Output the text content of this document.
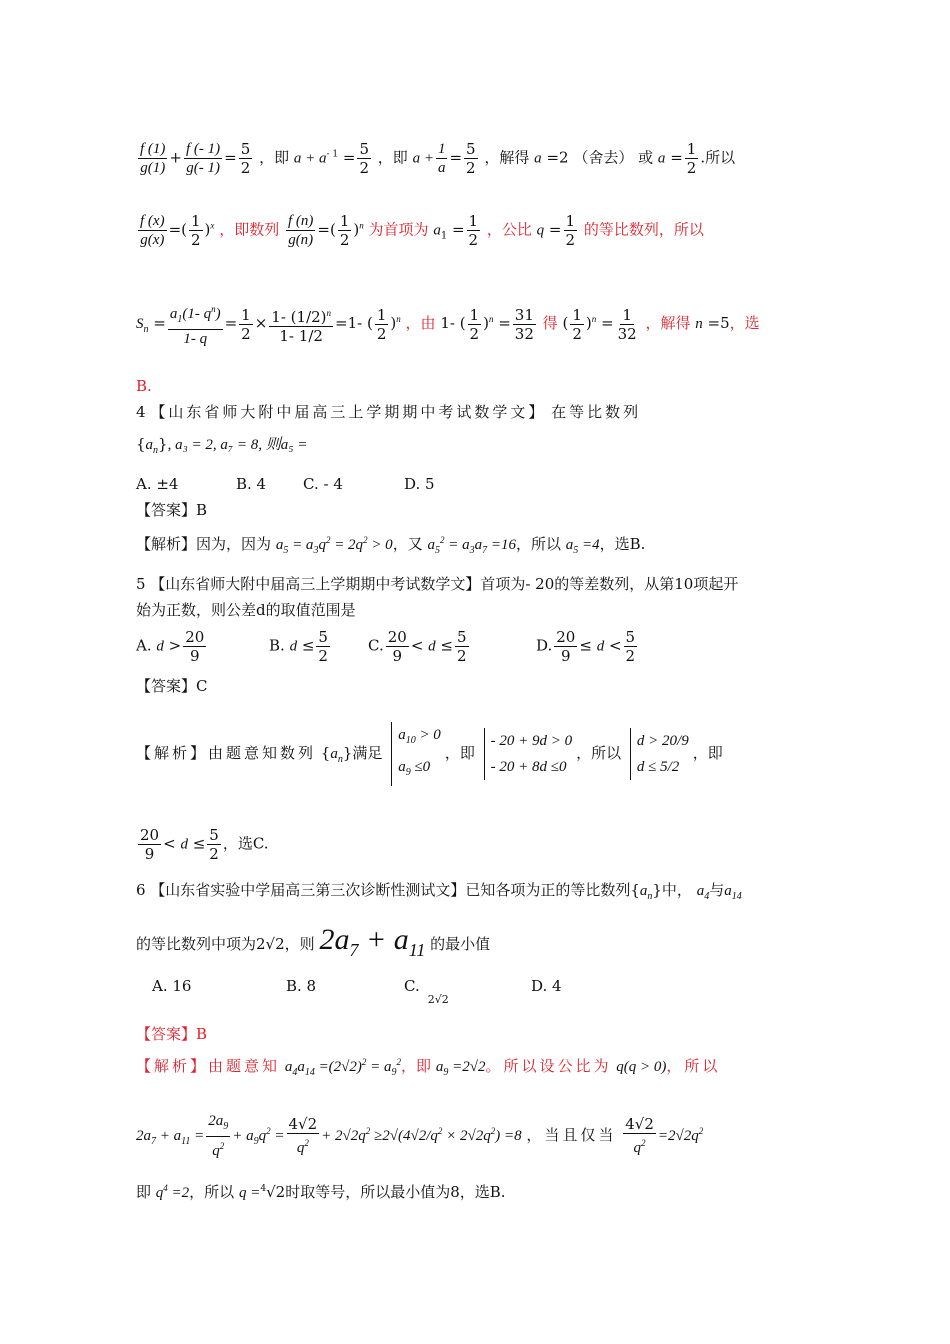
$\frac{f (1)}{g(1)} + \frac{f (- 1)}{g(- 1)} = \frac{5}{2}$ ，即 $a + a^{- 1} = \frac{5}{2}$ ，即 $a + \frac{1}{a} = \frac{5}{2}$ ，解得 a =2 （舍去） 或 $a = \frac{1}{2}$ .所以
$\frac{f (x)}{g(x)}$ =( $\frac{1}{2} )^x$ ，即数列 $\frac{f (n)}{g(n)}$ =( $\frac{1}{2} )^n$ 为首项为 $a_1 = \frac{1}{2}$ ，公比 $q = \frac{1}{2}$ 的等比数列，所以
$S_n = \frac{a_1(1- q^n)}{1- q} = \frac{1}{2} \times \frac{1- (1/2)^n}{1- 1/2} =1-$ ( $\frac{1}{2} )^n$ ，由 1- ( $\frac{1}{2} )^n = \frac{31}{32}$ 得 ( $\frac{1}{2} )^n = \frac{1}{32}$ ，解得 n =5，选
B.
4 【山东省师大附中届高三上学期期中考试数学文】 在等比数列
$\{a_n\}$, a₃ = 2, a₇ = 8, 则a₅ =
A. ±4	B. 4 C. - 4	D. 5
【答案】B
【解析】因为，因为 $a_5 = a_3q^2 = 2q^2 > 0$，又 $a_5^2 = a_3a_7 =16$，所以 $a_5 =4$，选B.
5 【山东省师大附中届高三上学期期中考试数学文】首项为- 20的等差数列，从第10项起开
始为正数，则公差d的取值范围是
A. $d > \frac{20}{9}$	B. $d \le \frac{5}{2}$	C. $\frac{20}{9} < d \le \frac{5}{2}$	D. $\frac{20}{9} \le d < \frac{5}{2}$
【答案】C
【解析】由题意知数列 $\{a_n\}$满足
$a_{10} > 0$
$a_9 \le 0$
，即
- 20 + 9d > 0
- 20 + 8d ≤0
，所以
d > 20/9
d ≤ 5/2
，即
$\frac{20}{9} < d \le \frac{5}{2}$ ，选C.
6 【山东省实验中学届高三第三次诊断性测试文】已知各项为正的等比数列$\{a_n\}$中， $a_4$与$a_{14}$
的等比数列中项为2√2，则 $2a_7 + a_{11}$ 的最小值
A. 16	B. 8	$C._{2√2}$
D. 4
【答案】B
【解析】由题意知 $a_4a_{14} =(2√2)^2 = a_9^2$，即 $a_9 =2√2$。所以设公比为 q(q > 0)，所以
$2a_7 + a_{11} = \frac{2a_9}{q^2} + a_9q^2 = \frac{4√2}{q^2} + 2√2q^2 \ge 2√(4√2/q^2 \times 2√2q^2) =8$ ，当且仅当 $\frac{4√2}{q^2} =2√2q^2$
即 $q^4 =2$，所以 q =$^4$√2时取等号，所以最小值为8，选B.
